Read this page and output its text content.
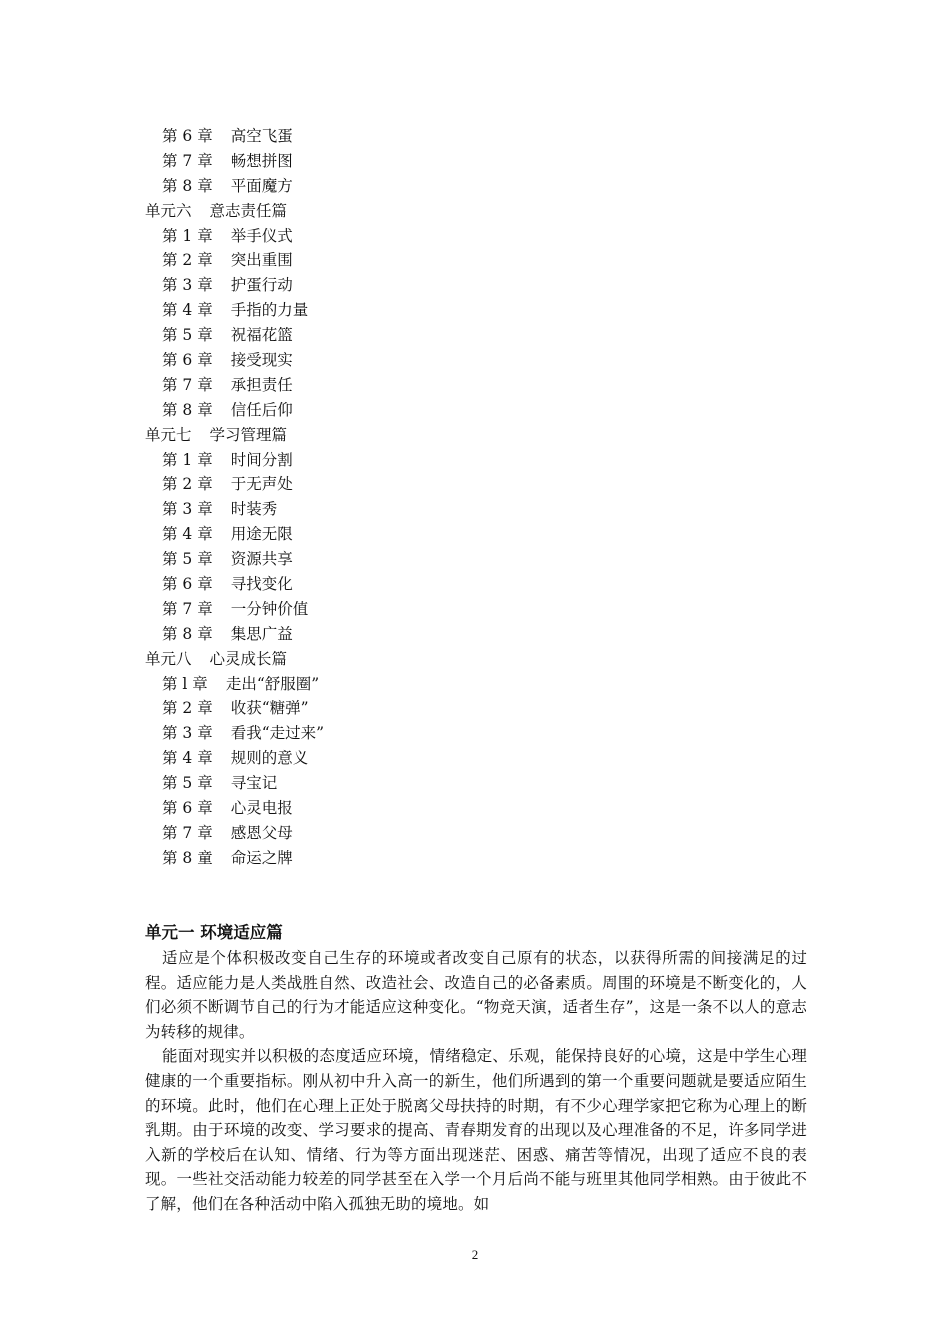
第 6 章 高空飞蛋
第 7 章 畅想拼图
第 8 章 平面魔方
单元六 意志责任篇
第 1 章 举手仪式
第 2 章 突出重围
第 3 章 护蛋行动
第 4 章 手指的力量
第 5 章 祝福花篮
第 6 章 接受现实
第 7 章 承担责任
第 8 章 信任后仰
单元七 学习管理篇
第 1 章 时间分割
第 2 章 于无声处
第 3 章 时装秀
第 4 章 用途无限
第 5 章 资源共享
第 6 章 寻找变化
第 7 章 一分钟价值
第 8 章 集思广益
单元八 心灵成长篇
第 l 章 走出“舒服圈”
第 2 章 收获“糖弹”
第 3 章 看我“走过来”
第 4 章 规则的意义
第 5 章 寻宝记
第 6 章 心灵电报
第 7 章 感恩父母
第 8 童 命运之牌
单元一 环境适应篇

适应是个体积极改变自己生存的环境或者改变自己原有的状态，以获得所需的间接满足的过程。适应能力是人类战胜自然、改造社会、改造自己的必备素质。周围的环境是不断变化的，人们必须不断调节自己的行为才能适应这种变化。“物竞天演，适者生存”，这是一条不以人的意志为转移的规律。

能面对现实并以积极的态度适应环境，情绪稳定、乐观，能保持良好的心境，这是中学生心理健康的一个重要指标。刚从初中升入高一的新生，他们所遇到的第一个重要问题就是要适应陌生的环境。此时，他们在心理上正处于脱离父母扶持的时期，有不少心理学家把它称为心理上的断乳期。由于环境的改变、学习要求的提高、青春期发育的出现以及心理准备的不足，许多同学进入新的学校后在认知、情绪、行为等方面出现迷茫、困惑、痛苦等情况，出现了适应不良的表现。一些社交活动能力较差的同学甚至在入学一个月后尚不能与班里其他同学相熟。由于彼此不了解，他们在各种活动中陷入孤独无助的境地。如

2
